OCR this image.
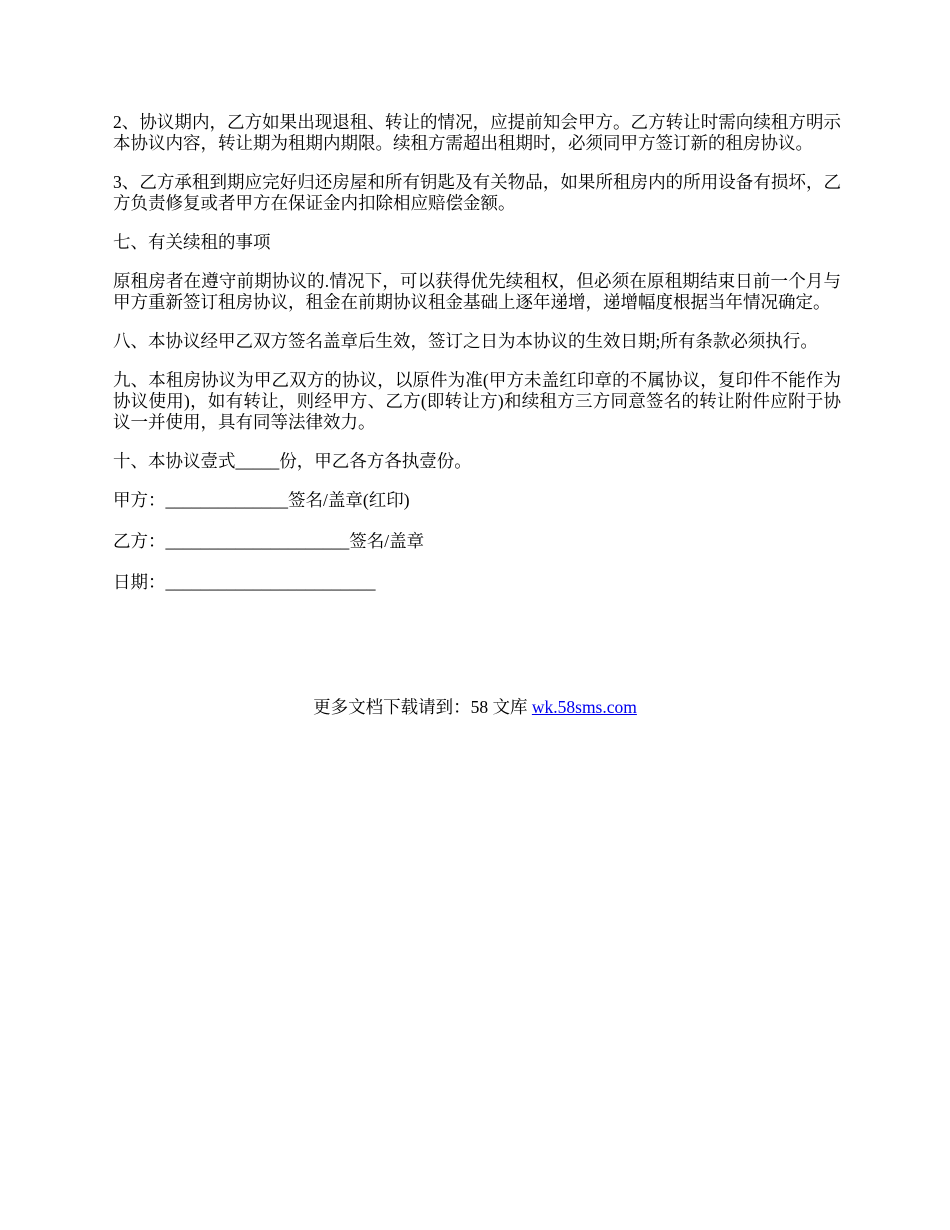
2、协议期内，乙方如果出现退租、转让的情况，应提前知会甲方。乙方转让时需向续租方明示本协议内容，转让期为租期内期限。续租方需超出租期时，必须同甲方签订新的租房协议。

3、乙方承租到期应完好归还房屋和所有钥匙及有关物品，如果所租房内的所用设备有损坏，乙方负责修复或者甲方在保证金内扣除相应赔偿金额。

七、有关续租的事项

原租房者在遵守前期协议的.情况下，可以获得优先续租权，但必须在原租期结束日前一个月与甲方重新签订租房协议，租金在前期协议租金基础上逐年递增，递增幅度根据当年情况确定。

八、本协议经甲乙双方签名盖章后生效，签订之日为本协议的生效日期;所有条款必须执行。

九、本租房协议为甲乙双方的协议，以原件为准(甲方未盖红印章的不属协议，复印件不能作为协议使用)，如有转让，则经甲方、乙方(即转让方)和续租方三方同意签名的转让附件应附于协议一并使用，具有同等法律效力。

十、本协议壹式_____份，甲乙各方各执壹份。

甲方：______________签名/盖章(红印)

乙方：_____________________签名/盖章

日期：________________________

更多文档下载请到：58 文库 wk.58sms.com
